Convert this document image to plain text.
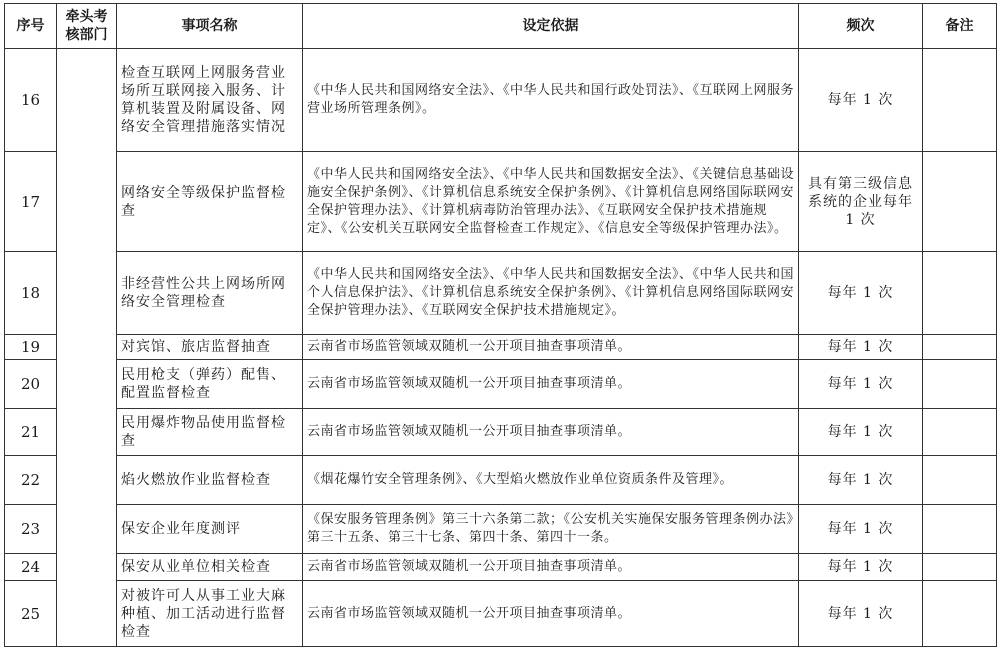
序号	牵头考核部门	事项名称	设定依据	频次	备注
16		检查互联网上网服务营业场所互联网接入服务、计算机装置及附属设备、网络安全管理措施落实情况	《中华人民共和国网络安全法》、《中华人民共和国行政处罚法》、《互联网上网服务营业场所管理条例》。	每年 1 次	
17		网络安全等级保护监督检查	《中华人民共和国网络安全法》、《中华人民共和国数据安全法》、《关键信息基础设施安全保护条例》、《计算机信息系统安全保护条例》、《计算机信息网络国际联网安全保护管理办法》、《计算机病毒防治管理办法》、《互联网安全保护技术措施规定》、《公安机关互联网安全监督检查工作规定》、《信息安全等级保护管理办法》。	具有第三级信息系统的企业每年 1 次	
18		非经营性公共上网场所网络安全管理检查	《中华人民共和国网络安全法》、《中华人民共和国数据安全法》、《中华人民共和国个人信息保护法》、《计算机信息系统安全保护条例》、《计算机信息网络国际联网安全保护管理办法》、《互联网安全保护技术措施规定》。	每年 1 次	
19		对宾馆、旅店监督抽查	云南省市场监管领域双随机一公开项目抽查事项清单。	每年 1 次	
20		民用枪支（弹药）配售、配置监督检查	云南省市场监管领域双随机一公开项目抽查事项清单。	每年 1 次	
21		民用爆炸物品使用监督检查	云南省市场监管领域双随机一公开项目抽查事项清单。	每年 1 次	
22		焰火燃放作业监督检查	《烟花爆竹安全管理条例》、《大型焰火燃放作业单位资质条件及管理》。	每年 1 次	
23		保安企业年度测评	《保安服务管理条例》第三十六条第二款；《公安机关实施保安服务管理条例办法》第三十五条、第三十七条、第四十条、第四十一条。	每年 1 次	
24		保安从业单位相关检查	云南省市场监管领域双随机一公开项目抽查事项清单。	每年 1 次	
25		对被许可人从事工业大麻种植、加工活动进行监督检查	云南省市场监管领域双随机一公开项目抽查事项清单。	每年 1 次	
